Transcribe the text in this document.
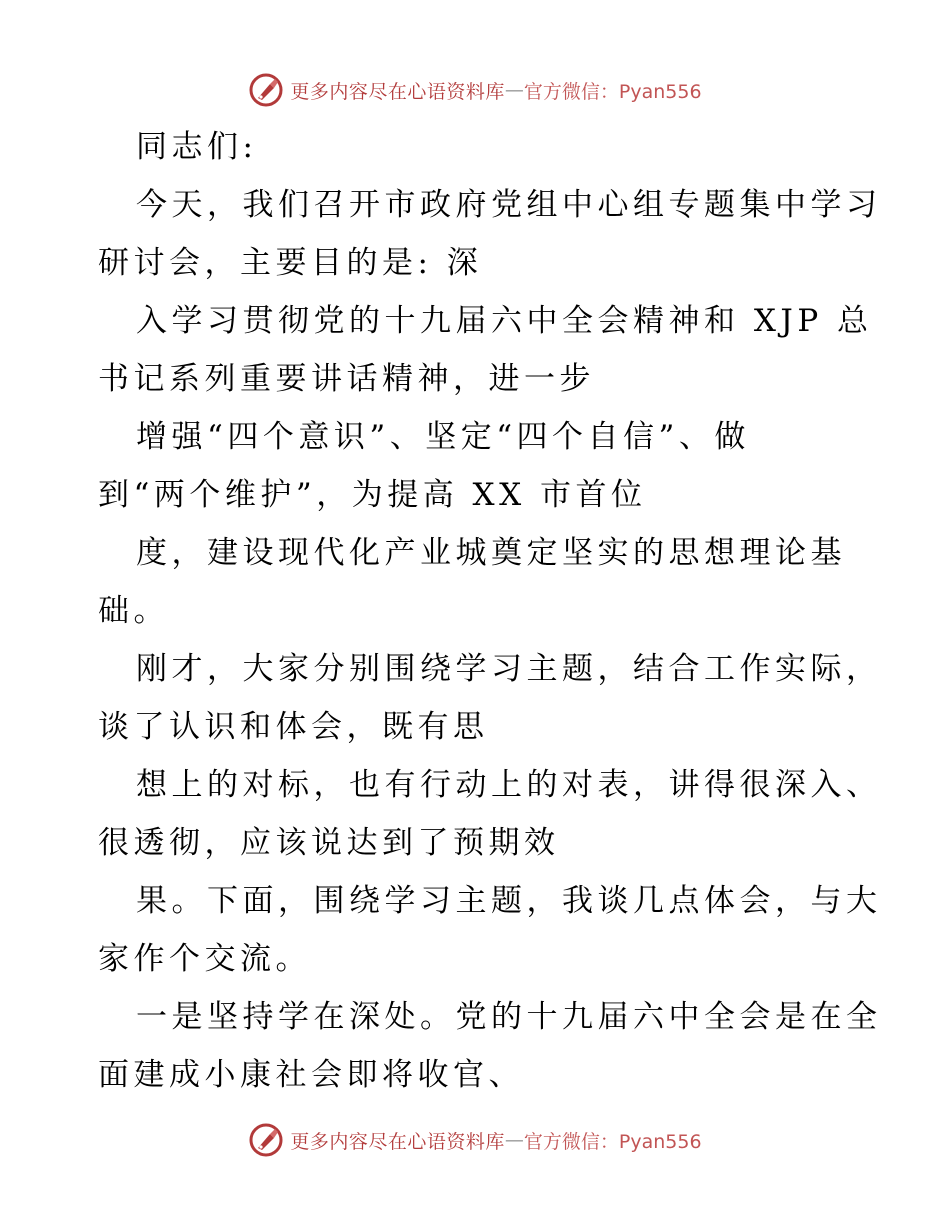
更多内容尽在心语资料库 — 官方微信：Pyan556
同志们:
今天，我们召开市政府党组中心组专题集中学习
研讨会，主要目的是: 深
入学习贯彻党的十九届六中全会精神和 XJP 总
书记系列重要讲话精神，进一步
增强“四个意识”、坚定“四个自信”、做
到“两个维护”，为提高 XX 市首位
度，建设现代化产业城奠定坚实的思想理论基
础。
刚才，大家分别围绕学习主题，结合工作实际，
谈了认识和体会，既有思
想上的对标，也有行动上的对表，讲得很深入、
很透彻，应该说达到了预期效
果。下面，围绕学习主题，我谈几点体会，与大
家作个交流。
一是坚持学在深处。党的十九届六中全会是在全
面建成小康社会即将收官、
更多内容尽在心语资料库 — 官方微信：Pyan556
